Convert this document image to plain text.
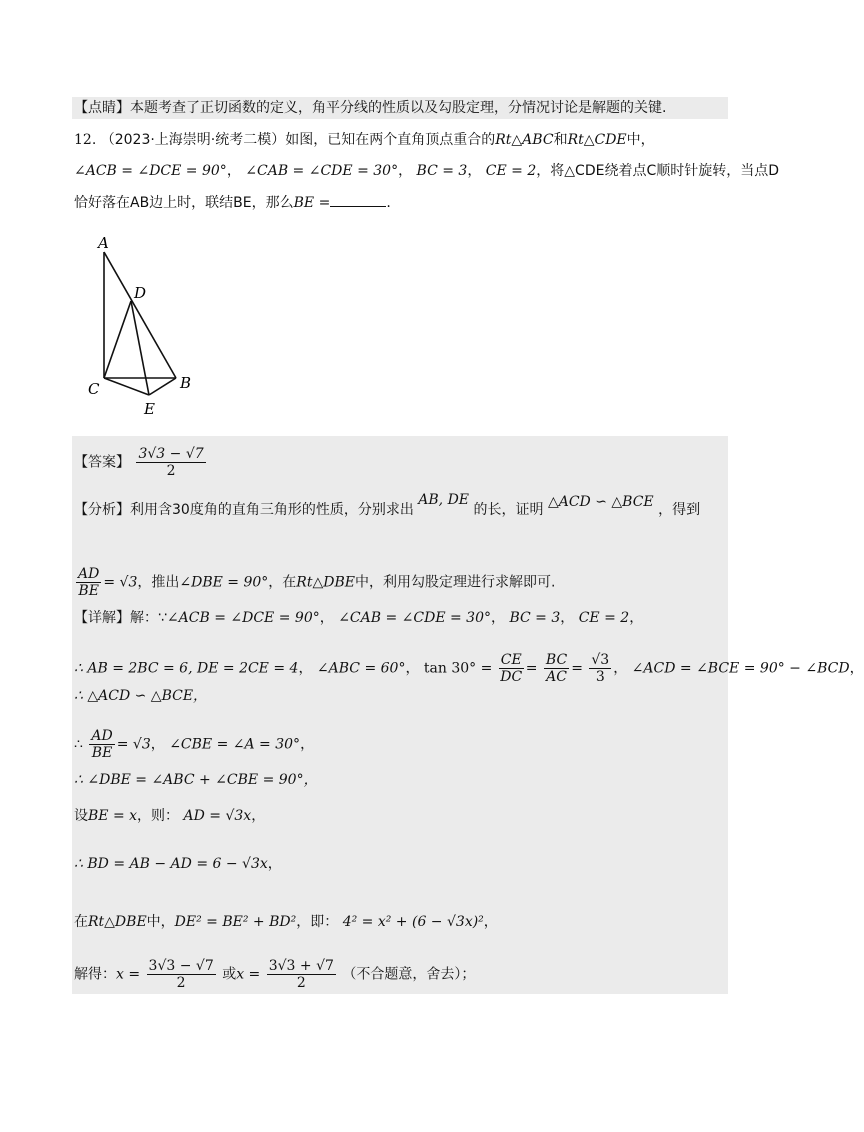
【点睛】本题考查了正切函数的定义，角平分线的性质以及勾股定理，分情况讨论是解题的关键.
12. （2023·上海崇明·统考二模）如图，已知在两个直角顶点重合的Rt△ABC和Rt△CDE中，
∠ACB = ∠DCE = 90°， ∠CAB = ∠CDE = 30°， BC = 3， CE = 2，将△CDE绕着点C顺时针旋转，当点D
恰好落在AB边上时，联结BE，那么BE =	.
A
D
C	B
E
【答案】 $\frac{3√3 - √7}{2}$
【分析】利用含30度角的直角三角形的性质，分别求出 AB, DE 的长，证明 △ACD ∽ △BCE ，得到
$\frac{AD}{BE} = √3$，推出∠DBE = 90°，在Rt△DBE中，利用勾股定理进行求解即可.
【详解】解：∵∠ACB = ∠DCE = 90°， ∠CAB = ∠CDE = 30°， BC = 3， CE = 2，
∴ AB = 2BC = 6, DE = 2CE = 4， ∠ABC = 60°， $\tan 30^\circ = \frac{CE}{DC} = \frac{BC}{AC} = \frac{√3}{3}$ ， ∠ACD = ∠BCE = 90° − ∠BCD，
∴ △ACD ∽ △BCE，
∴ $\frac{AD}{BE} = √3$， ∠CBE = ∠A = 30°，
∴ ∠DBE = ∠ABC + ∠CBE = 90°，
设BE = x，则： AD = √3x，
∴ BD = AB − AD = 6 − √3x，
在Rt△DBE中，DE² = BE² + BD²，即： 4² = x² + (6 − √3x)²，
解得：$x = \frac{3√3 - √7}{2}$ 或$x = \frac{3√3 + √7}{2}$ （不合题意，舍去）；
